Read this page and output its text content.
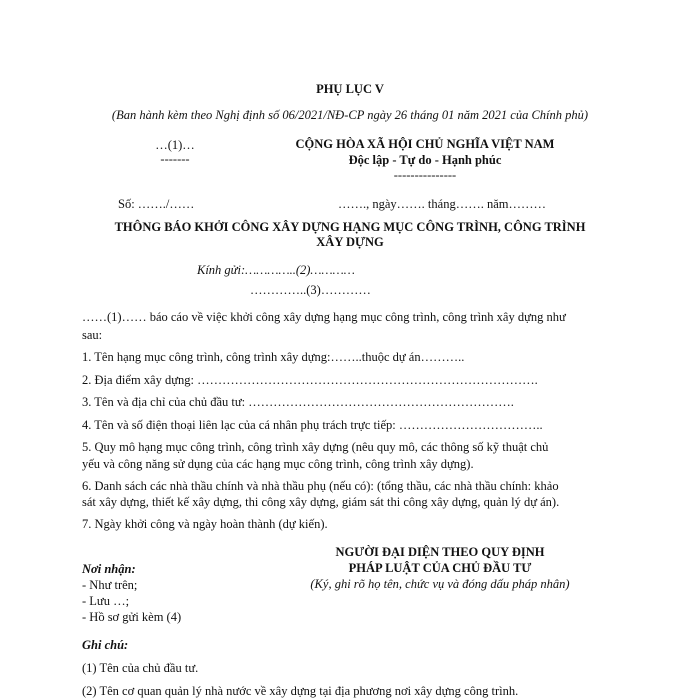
PHỤ LỤC V
(Ban hành kèm theo Nghị định số 06/2021/NĐ-CP ngày 26 tháng 01 năm 2021 của Chính phủ)
…(1)…
-------
CỘNG HÒA XÃ HỘI CHỦ NGHĨA VIỆT NAM
Độc lập - Tự do - Hạnh phúc
---------------
Số: ……./……	……., ngày……. tháng……. năm………
THÔNG BÁO KHỞI CÔNG XÂY DỰNG HẠNG MỤC CÔNG TRÌNH, CÔNG TRÌNH
XÂY DỰNG
Kính gửi:…………..(2)…………
…………..(3)…………
……(1)…… báo cáo về việc khởi công xây dựng hạng mục công trình, công trình xây dựng như
sau:
1. Tên hạng mục công trình, công trình xây dựng:……..thuộc dự án………..
2. Địa điểm xây dựng: ……………………………………………………………………….
3. Tên và địa chỉ của chủ đầu tư: ……………………………………………………….
4. Tên và số điện thoại liên lạc của cá nhân phụ trách trực tiếp: ……………………………..
5. Quy mô hạng mục công trình, công trình xây dựng (nêu quy mô, các thông số kỹ thuật chủ
yếu và công năng sử dụng của các hạng mục công trình, công trình xây dựng).
6. Danh sách các nhà thầu chính và nhà thầu phụ (nếu có): (tổng thầu, các nhà thầu chính: khảo
sát xây dựng, thiết kế xây dựng, thi công xây dựng, giám sát thi công xây dựng, quản lý dự án).
7. Ngày khởi công và ngày hoàn thành (dự kiến).
NGƯỜI ĐẠI DIỆN THEO QUY ĐỊNH
PHÁP LUẬT CỦA CHỦ ĐẦU TƯ
(Ký, ghi rõ họ tên, chức vụ và đóng dấu pháp nhân)
Nơi nhận:
- Như trên;
- Lưu …;
- Hồ sơ gửi kèm (4)
Ghi chú:
(1) Tên của chủ đầu tư.
(2) Tên cơ quan quản lý nhà nước về xây dựng tại địa phương nơi xây dựng công trình.
